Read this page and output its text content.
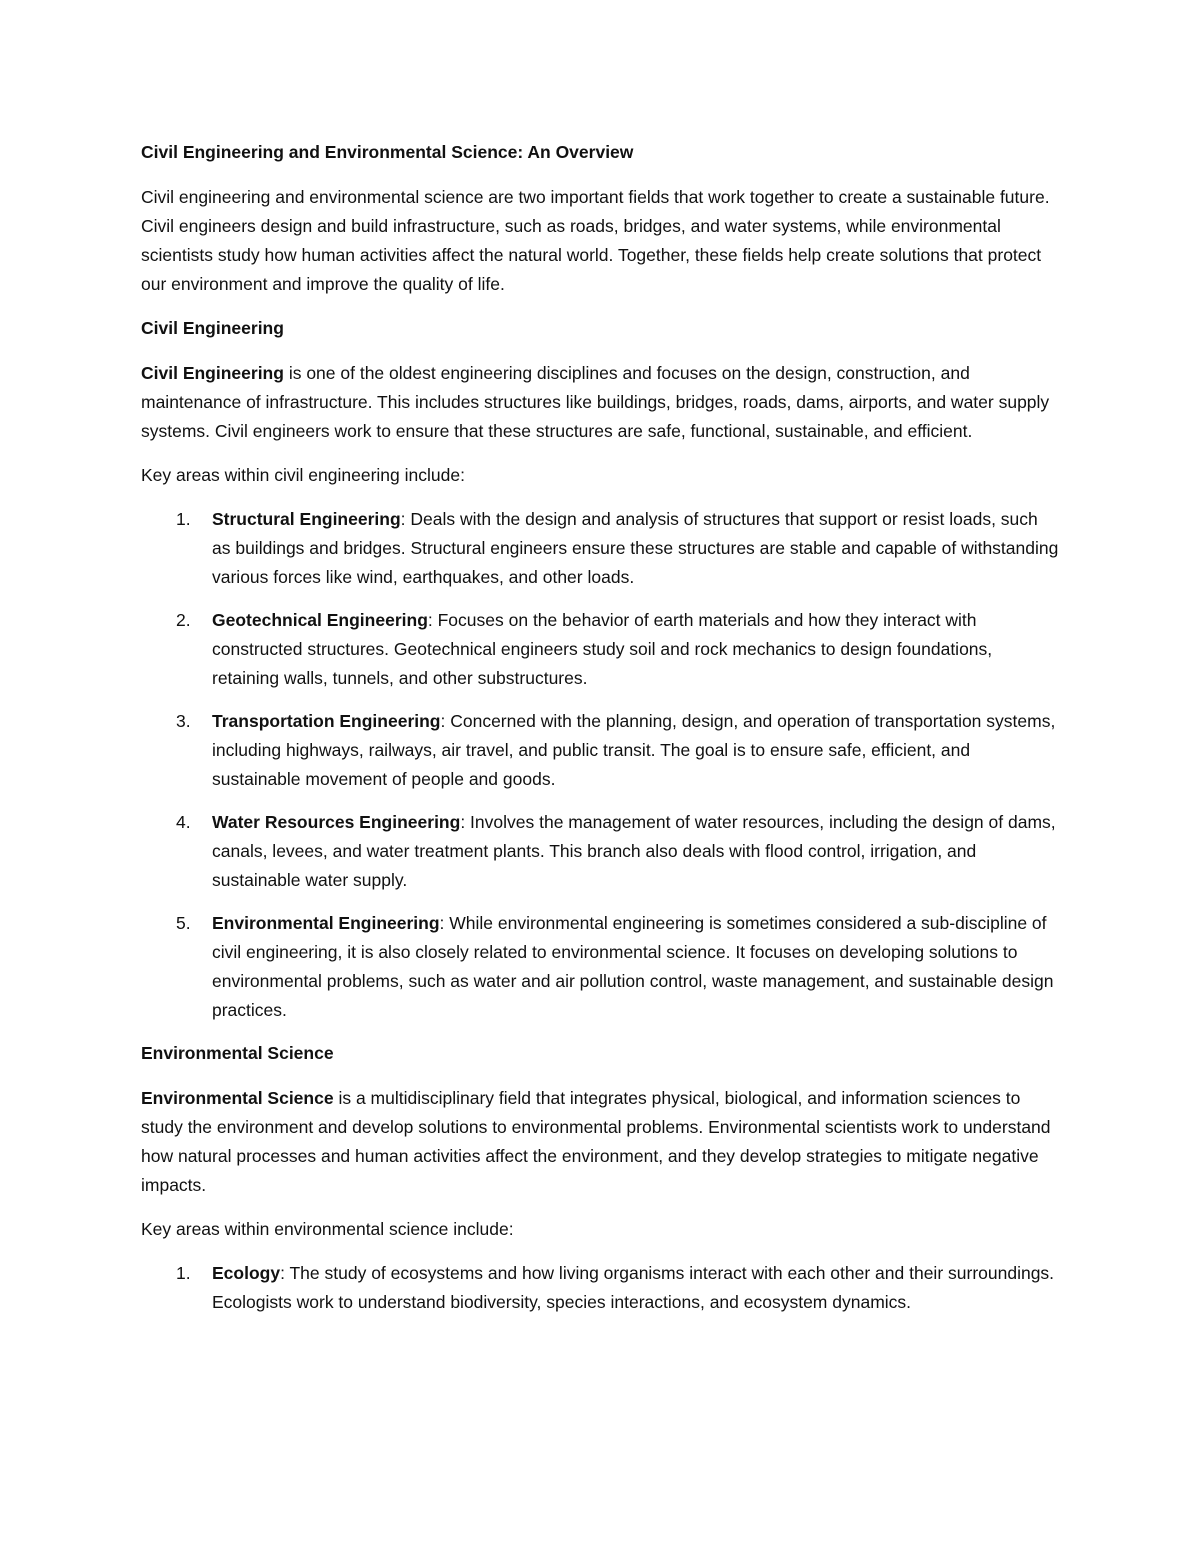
Civil Engineering and Environmental Science: An Overview

Civil engineering and environmental science are two important fields that work together to create a sustainable future. Civil engineers design and build infrastructure, such as roads, bridges, and water systems, while environmental scientists study how human activities affect the natural world. Together, these fields help create solutions that protect our environment and improve the quality of life.

Civil Engineering

Civil Engineering is one of the oldest engineering disciplines and focuses on the design, construction, and maintenance of infrastructure. This includes structures like buildings, bridges, roads, dams, airports, and water supply systems. Civil engineers work to ensure that these structures are safe, functional, sustainable, and efficient.

Key areas within civil engineering include:

1. Structural Engineering: Deals with the design and analysis of structures that support or resist loads, such as buildings and bridges. Structural engineers ensure these structures are stable and capable of withstanding various forces like wind, earthquakes, and other loads.
2. Geotechnical Engineering: Focuses on the behavior of earth materials and how they interact with constructed structures. Geotechnical engineers study soil and rock mechanics to design foundations, retaining walls, tunnels, and other substructures.
3. Transportation Engineering: Concerned with the planning, design, and operation of transportation systems, including highways, railways, air travel, and public transit. The goal is to ensure safe, efficient, and sustainable movement of people and goods.
4. Water Resources Engineering: Involves the management of water resources, including the design of dams, canals, levees, and water treatment plants. This branch also deals with flood control, irrigation, and sustainable water supply.
5. Environmental Engineering: While environmental engineering is sometimes considered a sub-discipline of civil engineering, it is also closely related to environmental science. It focuses on developing solutions to environmental problems, such as water and air pollution control, waste management, and sustainable design practices.
Environmental Science

Environmental Science is a multidisciplinary field that integrates physical, biological, and information sciences to study the environment and develop solutions to environmental problems. Environmental scientists work to understand how natural processes and human activities affect the environment, and they develop strategies to mitigate negative impacts.

Key areas within environmental science include:

1. Ecology: The study of ecosystems and how living organisms interact with each other and their surroundings. Ecologists work to understand biodiversity, species interactions, and ecosystem dynamics.
